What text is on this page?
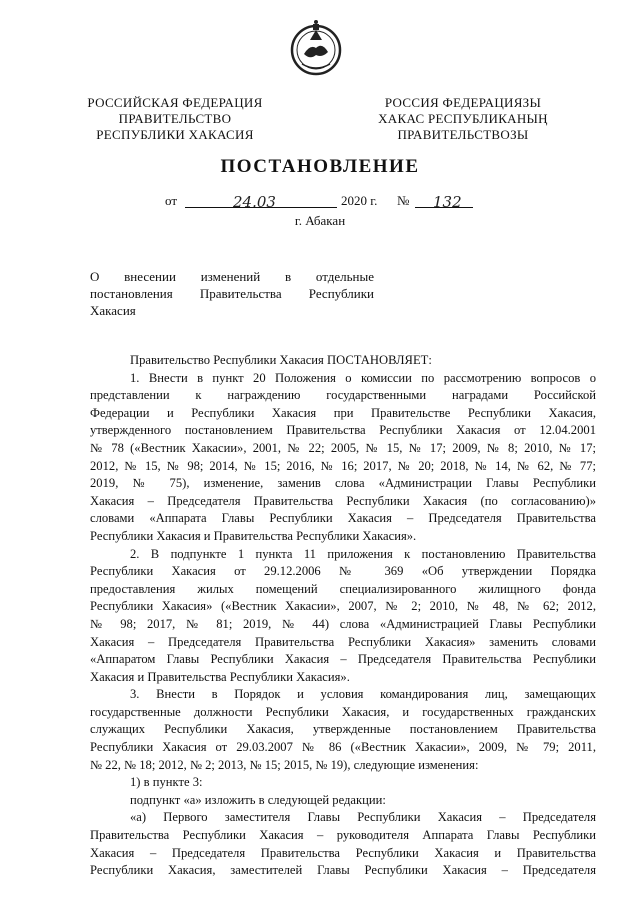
РОССИЙСКАЯ ФЕДЕРАЦИЯ
ПРАВИТЕЛЬСТВО
РЕСПУБЛИКИ ХАКАСИЯ
РОССИЯ ФЕДЕРАЦИЯЗЫ
ХАКАС РЕСПУБЛИКАНЫҢ
ПРАВИТЕЛЬСТВОЗЫ
ПОСТАНОВЛЕНИЕ
от	24.03	2020 г. № 132
г. Абакан
О внесении изменений в отдельные
постановления Правительства Республики
Хакасия
Правительство Республики Хакасия ПОСТАНОВЛЯЕТ:
1. Внести в пункт 20 Положения о комиссии по рассмотрению вопросов о
представлении к награждению государственными наградами Российской
Федерации и Республики Хакасия при Правительстве Республики Хакасия,
утвержденного постановлением Правительства Республики Хакасия от 12.04.2001
№ 78 («Вестник Хакасии», 2001, № 22; 2005, № 15, № 17; 2009, № 8; 2010, № 17;
2012, № 15, № 98; 2014, № 15; 2016, № 16; 2017, № 20; 2018, № 14, № 62, № 77;
2019, № 75), изменение, заменив слова «Администрации Главы Республики
Хакасия – Председателя Правительства Республики Хакасия (по согласованию)»
словами «Аппарата Главы Республики Хакасия – Председателя Правительства
Республики Хакасия и Правительства Республики Хакасия».
2. В подпункте 1 пункта 11 приложения к постановлению Правительства
Республики Хакасия от 29.12.2006 № 369 «Об утверждении Порядка
предоставления жилых помещений специализированного жилищного фонда
Республики Хакасия» («Вестник Хакасии», 2007, № 2; 2010, № 48, № 62; 2012,
№ 98; 2017, № 81; 2019, № 44) слова «Администрацией Главы Республики
Хакасия – Председателя Правительства Республики Хакасия» заменить словами
«Аппаратом Главы Республики Хакасия – Председателя Правительства Республики
Хакасия и Правительства Республики Хакасия».
3. Внести в Порядок и условия командирования лиц, замещающих
государственные должности Республики Хакасия, и государственных гражданских
служащих Республики Хакасия, утвержденные постановлением Правительства
Республики Хакасия от 29.03.2007 № 86 («Вестник Хакасии», 2009, № 79; 2011,
№ 22, № 18; 2012, № 2; 2013, № 15; 2015, № 19), следующие изменения:
1) в пункте 3:
подпункт «а» изложить в следующей редакции:
«а) Первого заместителя Главы Республики Хакасия – Председателя
Правительства Республики Хакасия – руководителя Аппарата Главы Республики
Хакасия – Председателя Правительства Республики Хакасия и Правительства
Республики Хакасия, заместителей Главы Республики Хакасия – Председателя
